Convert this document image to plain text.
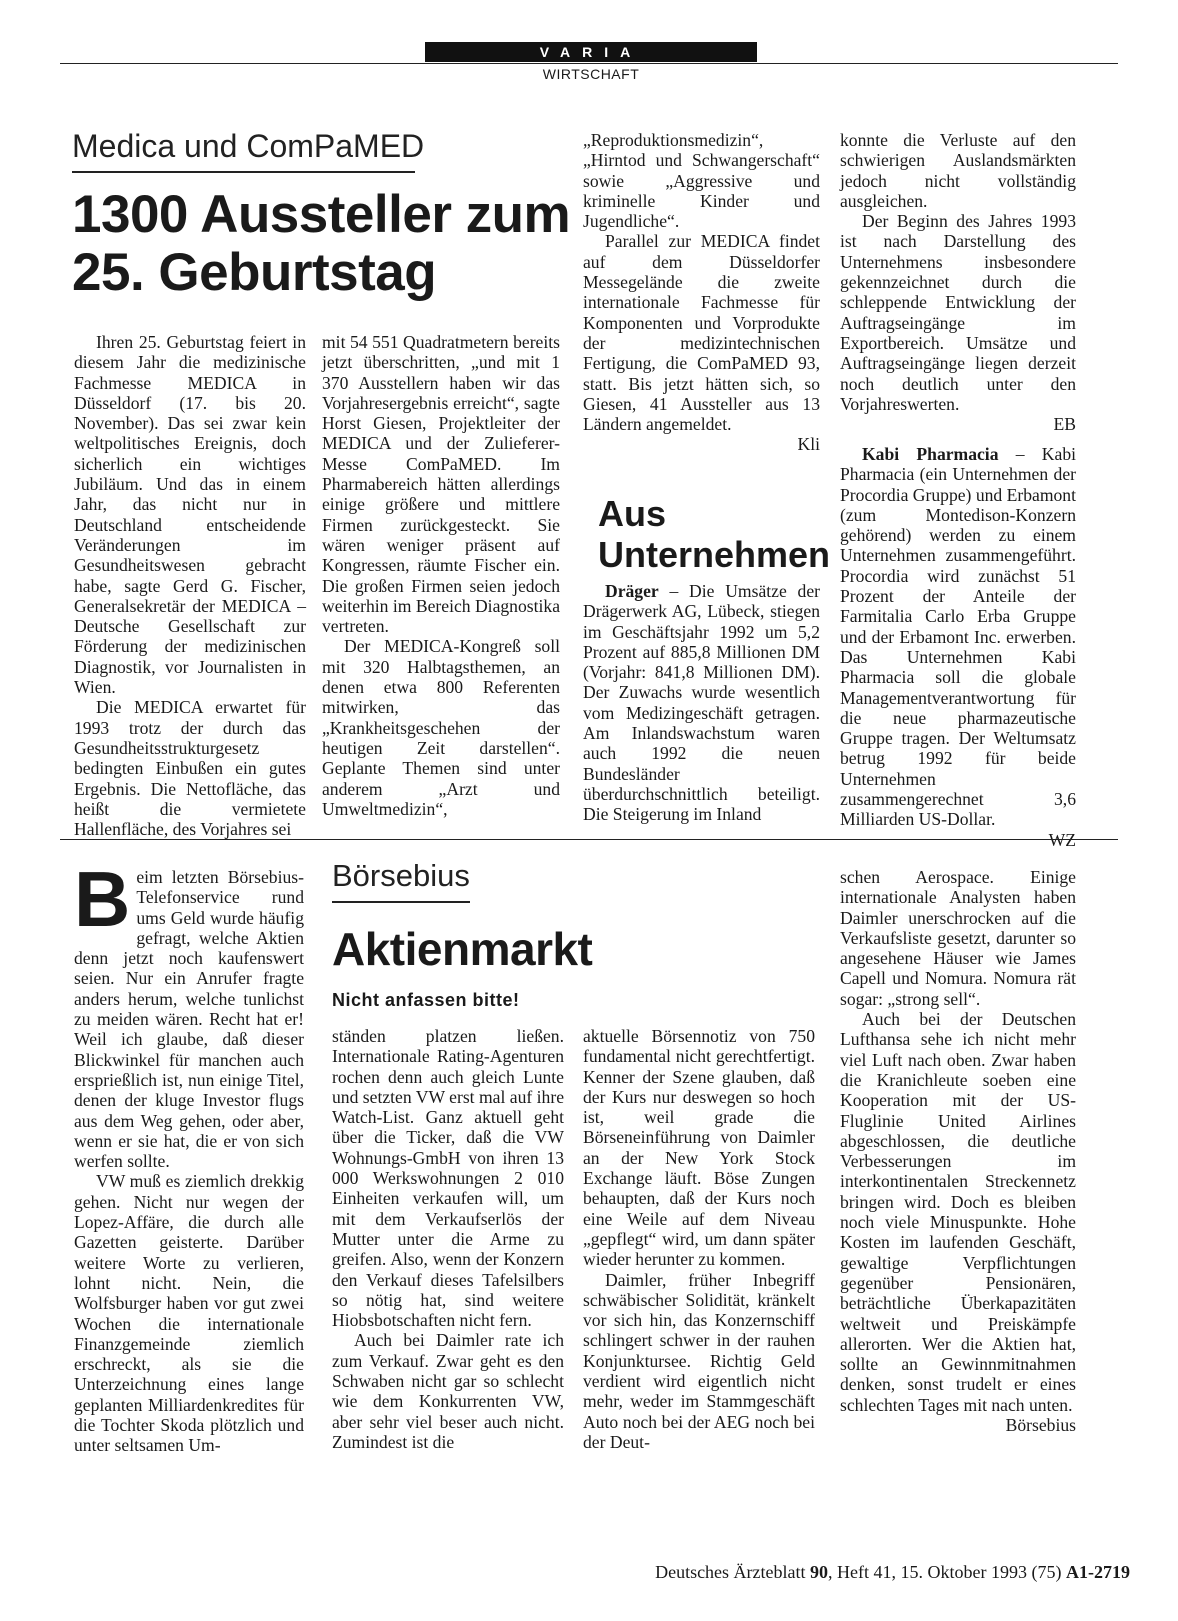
VARIA
WIRTSCHAFT
Medica und ComPaMED
1300 Aussteller zum 25. Geburtstag

Ihren 25. Geburtstag feiert in diesem Jahr die medizinische Fachmesse MEDICA in Düsseldorf (17. bis 20. November). Das sei zwar kein weltpolitisches Ereignis, doch sicherlich ein wichtiges Jubiläum. Und das in einem Jahr, das nicht nur in Deutschland entscheidende Veränderungen im Gesundheitswesen gebracht habe, sagte Gerd G. Fischer, Generalsekretär der MEDICA – Deutsche Gesellschaft zur Förderung der medizinischen Diagnostik, vor Journalisten in Wien.

Die MEDICA erwartet für 1993 trotz der durch das Gesundheitsstrukturgesetz bedingten Einbußen ein gutes Ergebnis. Die Nettofläche, das heißt die vermietete Hallenfläche, des Vorjahres sei

mit 54 551 Quadratmetern bereits jetzt überschritten, „und mit 1 370 Ausstellern haben wir das Vorjahresergebnis erreicht“, sagte Horst Giesen, Projektleiter der MEDICA und der Zulieferer-Messe ComPaMED. Im Pharmabereich hätten allerdings einige größere und mittlere Firmen zurückgesteckt. Sie wären weniger präsent auf Kongressen, räumte Fischer ein. Die großen Firmen seien jedoch weiterhin im Bereich Diagnostika vertreten.

Der MEDICA-Kongreß soll mit 320 Halbtagsthemen, an denen etwa 800 Referenten mitwirken, das „Krankheitsgeschehen der heutigen Zeit darstellen“. Geplante Themen sind unter anderem „Arzt und Umweltmedizin“,

„Reproduktionsmedizin“, „Hirntod und Schwangerschaft“ sowie „Aggressive und kriminelle Kinder und Jugendliche“.

Parallel zur MEDICA findet auf dem Düsseldorfer Messegelände die zweite internationale Fachmesse für Komponenten und Vorprodukte der medizintechnischen Fertigung, die ComPaMED 93, statt. Bis jetzt hätten sich, so Giesen, 41 Aussteller aus 13 Ländern angemeldet.

Kli

Aus Unternehmen

Dräger – Die Umsätze der Drägerwerk AG, Lübeck, stiegen im Geschäftsjahr 1992 um 5,2 Prozent auf 885,8 Millionen DM (Vorjahr: 841,8 Millionen DM). Der Zuwachs wurde wesentlich vom Medizingeschäft getragen. Am Inlandswachstum waren auch 1992 die neuen Bundesländer überdurchschnittlich beteiligt. Die Steigerung im Inland

konnte die Verluste auf den schwierigen Auslandsmärkten jedoch nicht vollständig ausgleichen.

Der Beginn des Jahres 1993 ist nach Darstellung des Unternehmens insbesondere gekennzeichnet durch die schleppende Entwicklung der Auftragseingänge im Exportbereich. Umsätze und Auftragseingänge liegen derzeit noch deutlich unter den Vorjahreswerten.

EB

Kabi Pharmacia – Kabi Pharmacia (ein Unternehmen der Procordia Gruppe) und Erbamont (zum Montedison-Konzern gehörend) werden zu einem Unternehmen zusammengeführt. Procordia wird zunächst 51 Prozent der Anteile der Farmitalia Carlo Erba Gruppe und der Erbamont Inc. erwerben. Das Unternehmen Kabi Pharmacia soll die globale Managementverantwortung für die neue pharmazeutische Gruppe tragen. Der Weltumsatz betrug 1992 für beide Unternehmen zusammengerechnet 3,6 Milliarden US-Dollar.

WZ

Börsebius
Aktienmarkt
Nicht anfassen bitte!

Beim letzten Börsebius-Telefonservice rund ums Geld wurde häufig gefragt, welche Aktien denn jetzt noch kaufenswert seien. Nur ein Anrufer fragte anders herum, welche tunlichst zu meiden wären. Recht hat er! Weil ich glaube, daß dieser Blickwinkel für manchen auch ersprießlich ist, nun einige Titel, denen der kluge Investor flugs aus dem Weg gehen, oder aber, wenn er sie hat, die er von sich werfen sollte.

VW muß es ziemlich drekkig gehen. Nicht nur wegen der Lopez-Affäre, die durch alle Gazetten geisterte. Darüber weitere Worte zu verlieren, lohnt nicht. Nein, die Wolfsburger haben vor gut zwei Wochen die internationale Finanzgemeinde ziemlich erschreckt, als sie die Unterzeichnung eines lange geplanten Milliardenkredites für die Tochter Skoda plötzlich und unter seltsamen Um-

ständen platzen ließen. Internationale Rating-Agenturen rochen denn auch gleich Lunte und setzten VW erst mal auf ihre Watch-List. Ganz aktuell geht über die Ticker, daß die VW Wohnungs-GmbH von ihren 13 000 Werkswohnungen 2 010 Einheiten verkaufen will, um mit dem Verkaufserlös der Mutter unter die Arme zu greifen. Also, wenn der Konzern den Verkauf dieses Tafelsilbers so nötig hat, sind weitere Hiobsbotschaften nicht fern.

Auch bei Daimler rate ich zum Verkauf. Zwar geht es den Schwaben nicht gar so schlecht wie dem Konkurrenten VW, aber sehr viel beser auch nicht. Zumindest ist die

aktuelle Börsennotiz von 750 fundamental nicht gerechtfertigt. Kenner der Szene glauben, daß der Kurs nur deswegen so hoch ist, weil grade die Börseneinführung von Daimler an der New York Stock Exchange läuft. Böse Zungen behaupten, daß der Kurs noch eine Weile auf dem Niveau „gepflegt“ wird, um dann später wieder herunter zu kommen.

Daimler, früher Inbegriff schwäbischer Solidität, kränkelt vor sich hin, das Konzernschiff schlingert schwer in der rauhen Konjunktursee. Richtig Geld verdient wird eigentlich nicht mehr, weder im Stammgeschäft Auto noch bei der AEG noch bei der Deut-

schen Aerospace. Einige internationale Analysten haben Daimler unerschrocken auf die Verkaufsliste gesetzt, darunter so angesehene Häuser wie James Capell und Nomura. Nomura rät sogar: „strong sell“.

Auch bei der Deutschen Lufthansa sehe ich nicht mehr viel Luft nach oben. Zwar haben die Kranichleute soeben eine Kooperation mit der US-Fluglinie United Airlines abgeschlossen, die deutliche Verbesserungen im interkontinentalen Streckennetz bringen wird. Doch es bleiben noch viele Minuspunkte. Hohe Kosten im laufenden Geschäft, gewaltige Verpflichtungen gegenüber Pensionären, beträchtliche Überkapazitäten weltweit und Preiskämpfe allerorten. Wer die Aktien hat, sollte an Gewinnmitnahmen denken, sonst trudelt er eines schlechten Tages mit nach unten.

Börsebius

Deutsches Ärzteblatt 90, Heft 41, 15. Oktober 1993 (75) A1-2719
